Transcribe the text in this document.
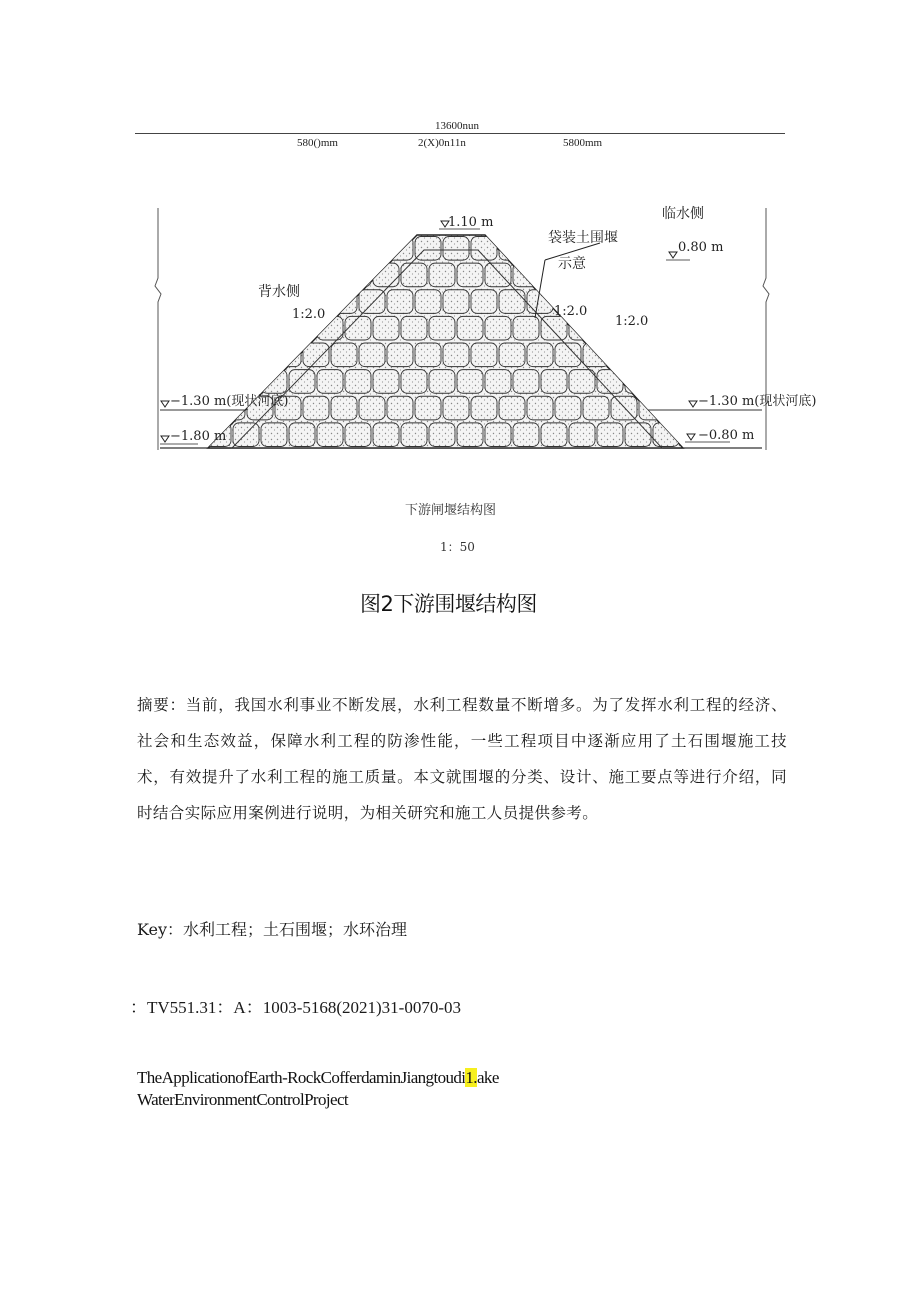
13600nun
580()mm	2(X)0n11n	5800mm
1.10 m
临水侧
0.80 m
袋装土围堰
示意
背水侧
1:2.0	1:2.0
1:2.0
−1.30 m(现状河底)
−1.80 m
−1.30 m(现状河底)
−0.80 m
下游闸堰结构图
1：50
图2下游围堰结构图
摘要：当前，我国水利事业不断发展，水利工程数量不断增多。为了发挥水利工程的经济、社会和生态效益，保障水利工程的防渗性能，一些工程项目中逐渐应用了土石围堰施工技术，有效提升了水利工程的施工质量。本文就围堰的分类、设计、施工要点等进行介绍，同时结合实际应用案例进行说明，为相关研究和施工人员提供参考。
Key：水利工程；土石围堰；水环治理
：TV551.31：A：1003-5168(2021)31-0070-03
TheApplicationofEarth-RockCofferdaminJiangtoudi1.ake
WaterEnvironmentControlProject
